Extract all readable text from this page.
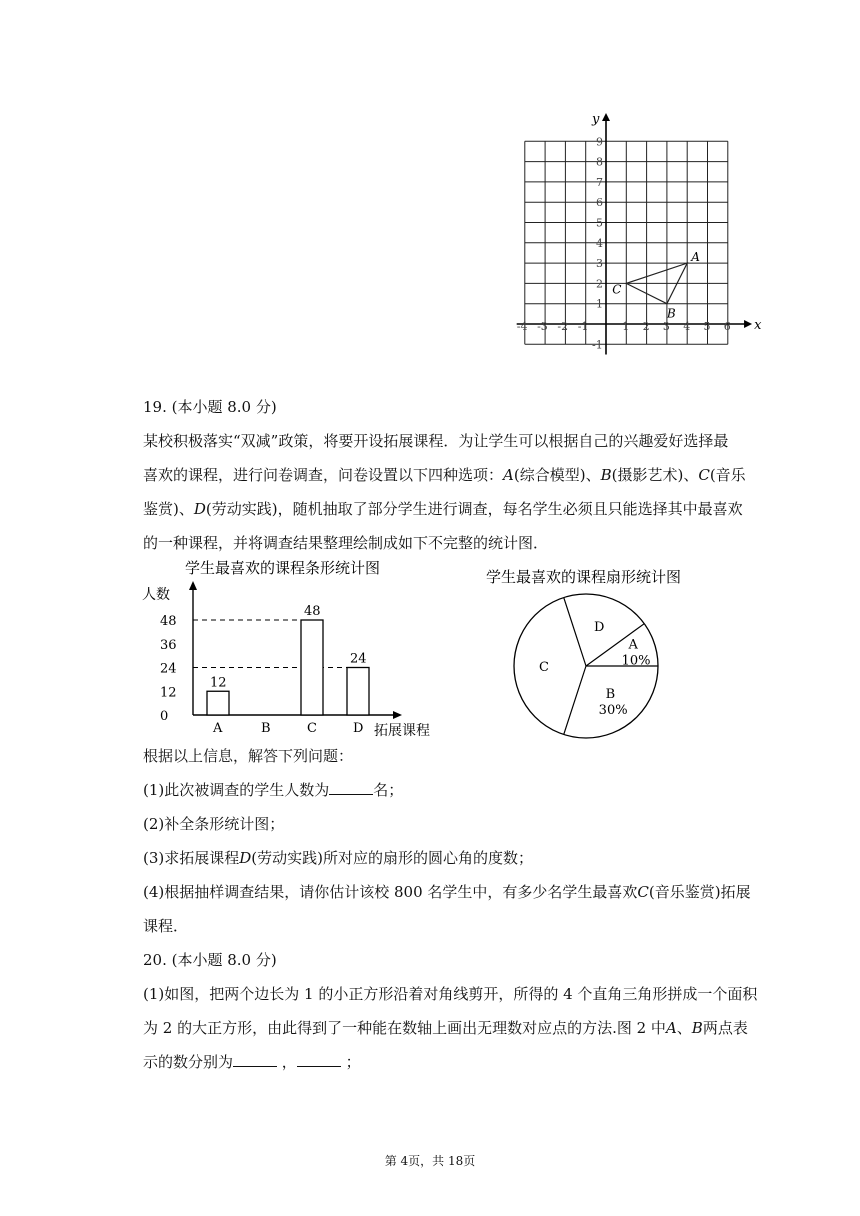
x
y
-4 -3 -2 -1	1 2 3 4 5 6
1
2
3
4
5
6
7
8
9
-1
A
B
C
19. (本小题 8.0 分)
某校积极落实“双减”政策，将要开设拓展课程．为让学生可以根据自己的兴趣爱好选择最
喜欢的课程，进行问卷调查，问卷设置以下四种选项：A(综合模型)、B(摄影艺术)、C(音乐
鉴赏)、D(劳动实践)，随机抽取了部分学生进行调查，每名学生必须且只能选择其中最喜欢
的一种课程，并将调查结果整理绘制成如下不完整的统计图．
学生最喜欢的课程条形统计图
人数
拓展课程
0
12
24
36
48
A
12
B	C
48
D
24
学生最喜欢的课程扇形统计图
A
10%
B
30%
C
D
根据以上信息，解答下列问题：
(1)此次被调查的学生人数为	名；
(2)补全条形统计图；
(3)求拓展课程D(劳动实践)所对应的扇形的圆心角的度数；
(4)根据抽样调查结果，请你估计该校 800 名学生中，有多少名学生最喜欢C(音乐鉴赏)拓展
课程．
20. (本小题 8.0 分)
(1)如图，把两个边长为 1 的小正方形沿着对角线剪开，所得的 4 个直角三角形拼成一个面积
为 2 的大正方形，由此得到了一种能在数轴上画出无理数对应点的方法.图 2 中A、B两点表
示的数分别为	，	；
第 4页，共 18页
